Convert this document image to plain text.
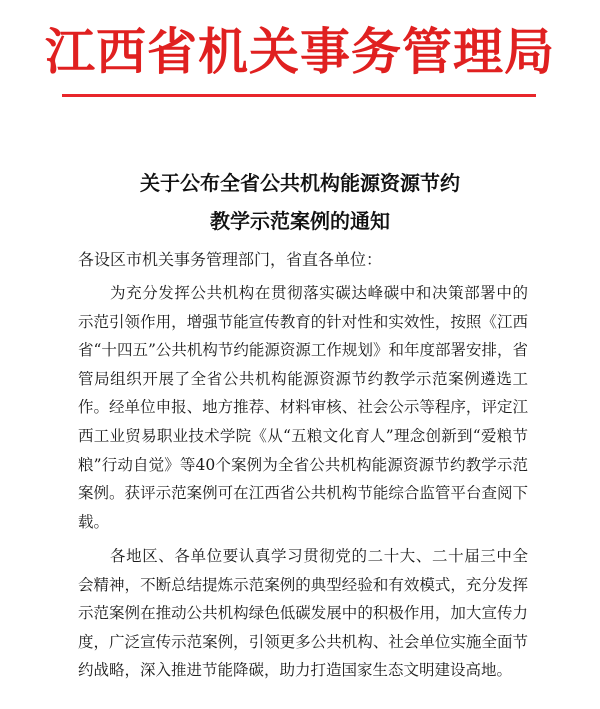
江西省机关事务管理局
关于公布全省公共机构能源资源节约
教学示范案例的通知

各设区市机关事务管理部门，省直各单位：

为充分发挥公共机构在贯彻落实碳达峰碳中和决策部署中的示范引领作用，增强节能宣传教育的针对性和实效性，按照《江西省“十四五”公共机构节约能源资源工作规划》和年度部署安排，省管局组织开展了全省公共机构能源资源节约教学示范案例遴选工作。经单位申报、地方推荐、材料审核、社会公示等程序，评定江西工业贸易职业技术学院《从“五粮文化育人”理念创新到“爱粮节粮”行动自觉》等40个案例为全省公共机构能源资源节约教学示范案例。获评示范案例可在江西省公共机构节能综合监管平台查阅下载。

各地区、各单位要认真学习贯彻党的二十大、二十届三中全会精神，不断总结提炼示范案例的典型经验和有效模式，充分发挥示范案例在推动公共机构绿色低碳发展中的积极作用，加大宣传力度，广泛宣传示范案例，引领更多公共机构、社会单位实施全面节约战略，深入推进节能降碳，助力打造国家生态文明建设高地。
